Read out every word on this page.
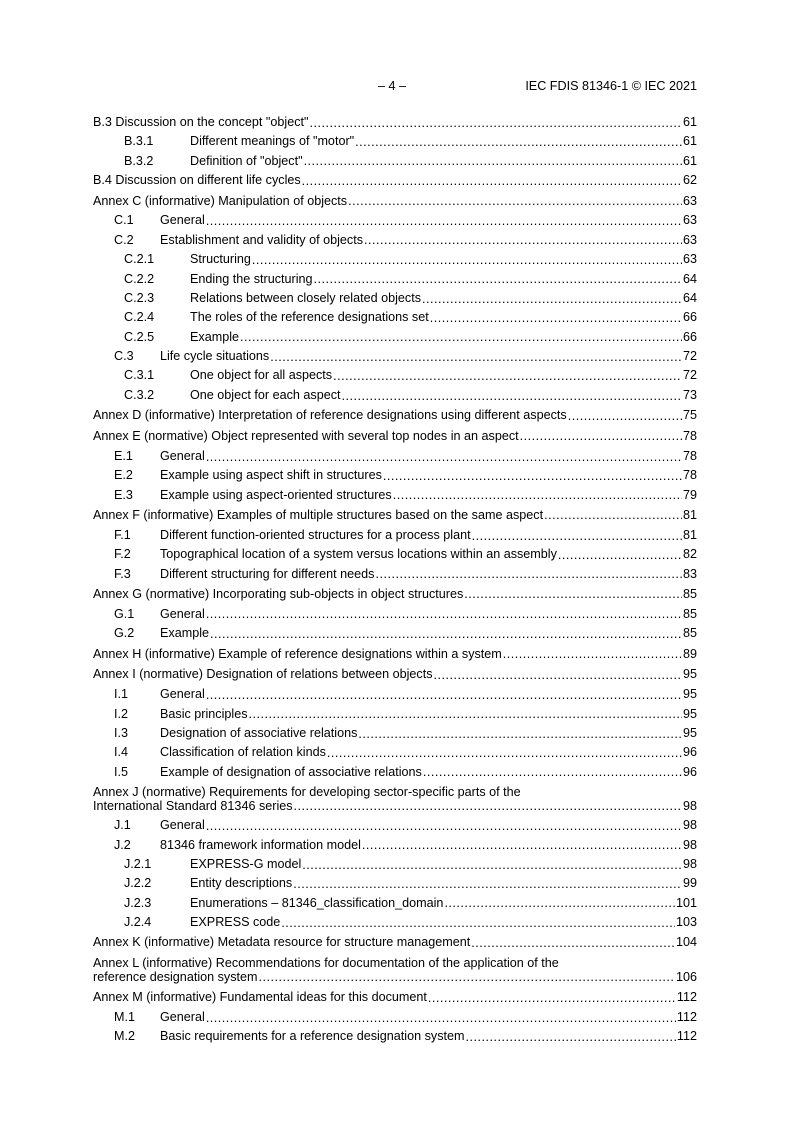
– 4 –	IEC FDIS 81346-1 © IEC 2021
B.3 Discussion on the concept "object" .....	61
B.3.1	Different meanings of "motor" .....	61
B.3.2	Definition of "object" .....	61
B.4 Discussion on different life cycles .....	62
Annex C (informative) Manipulation of objects .....	63
C.1	General .....	63
C.2	Establishment and validity of objects .....	63
C.2.1	Structuring .....	63
C.2.2	Ending the structuring .....	64
C.2.3	Relations between closely related objects .....	64
C.2.4	The roles of the reference designations set .....	66
C.2.5	Example .....	66
C.3	Life cycle situations .....	72
C.3.1	One object for all aspects .....	72
C.3.2	One object for each aspect .....	73
Annex D (informative) Interpretation of reference designations using different aspects .....	75
Annex E (normative) Object represented with several top nodes in an aspect .....	78
E.1	General .....	78
E.2	Example using aspect shift in structures .....	78
E.3	Example using aspect-oriented structures .....	79
Annex F (informative) Examples of multiple structures based on the same aspect .....	81
F.1	Different function-oriented structures for a process plant .....	81
F.2	Topographical location of a system versus locations within an assembly .....	82
F.3	Different structuring for different needs .....	83
Annex G (normative) Incorporating sub-objects in object structures .....	85
G.1	General .....	85
G.2	Example .....	85
Annex H (informative) Example of reference designations within a system .....	89
Annex I (normative) Designation of relations between objects .....	95
I.1	General .....	95
I.2	Basic principles .....	95
I.3	Designation of associative relations .....	95
I.4	Classification of relation kinds .....	96
I.5	Example of designation of associative relations .....	96
Annex J (normative) Requirements for developing sector-specific parts of the
International Standard 81346 series .....	98
J.1	General .....	98
J.2	81346 framework information model .....	98
J.2.1	EXPRESS-G model .....	98
J.2.2	Entity descriptions .....	99
J.2.3	Enumerations – 81346_classification_domain .....	101
J.2.4	EXPRESS code .....	103
Annex K (informative) Metadata resource for structure management .....	104
Annex L (informative) Recommendations for documentation of the application of the
reference designation system .....	106
Annex M (informative) Fundamental ideas for this document .....	112
M.1	General .....	112
M.2	Basic requirements for a reference designation system .....	112
